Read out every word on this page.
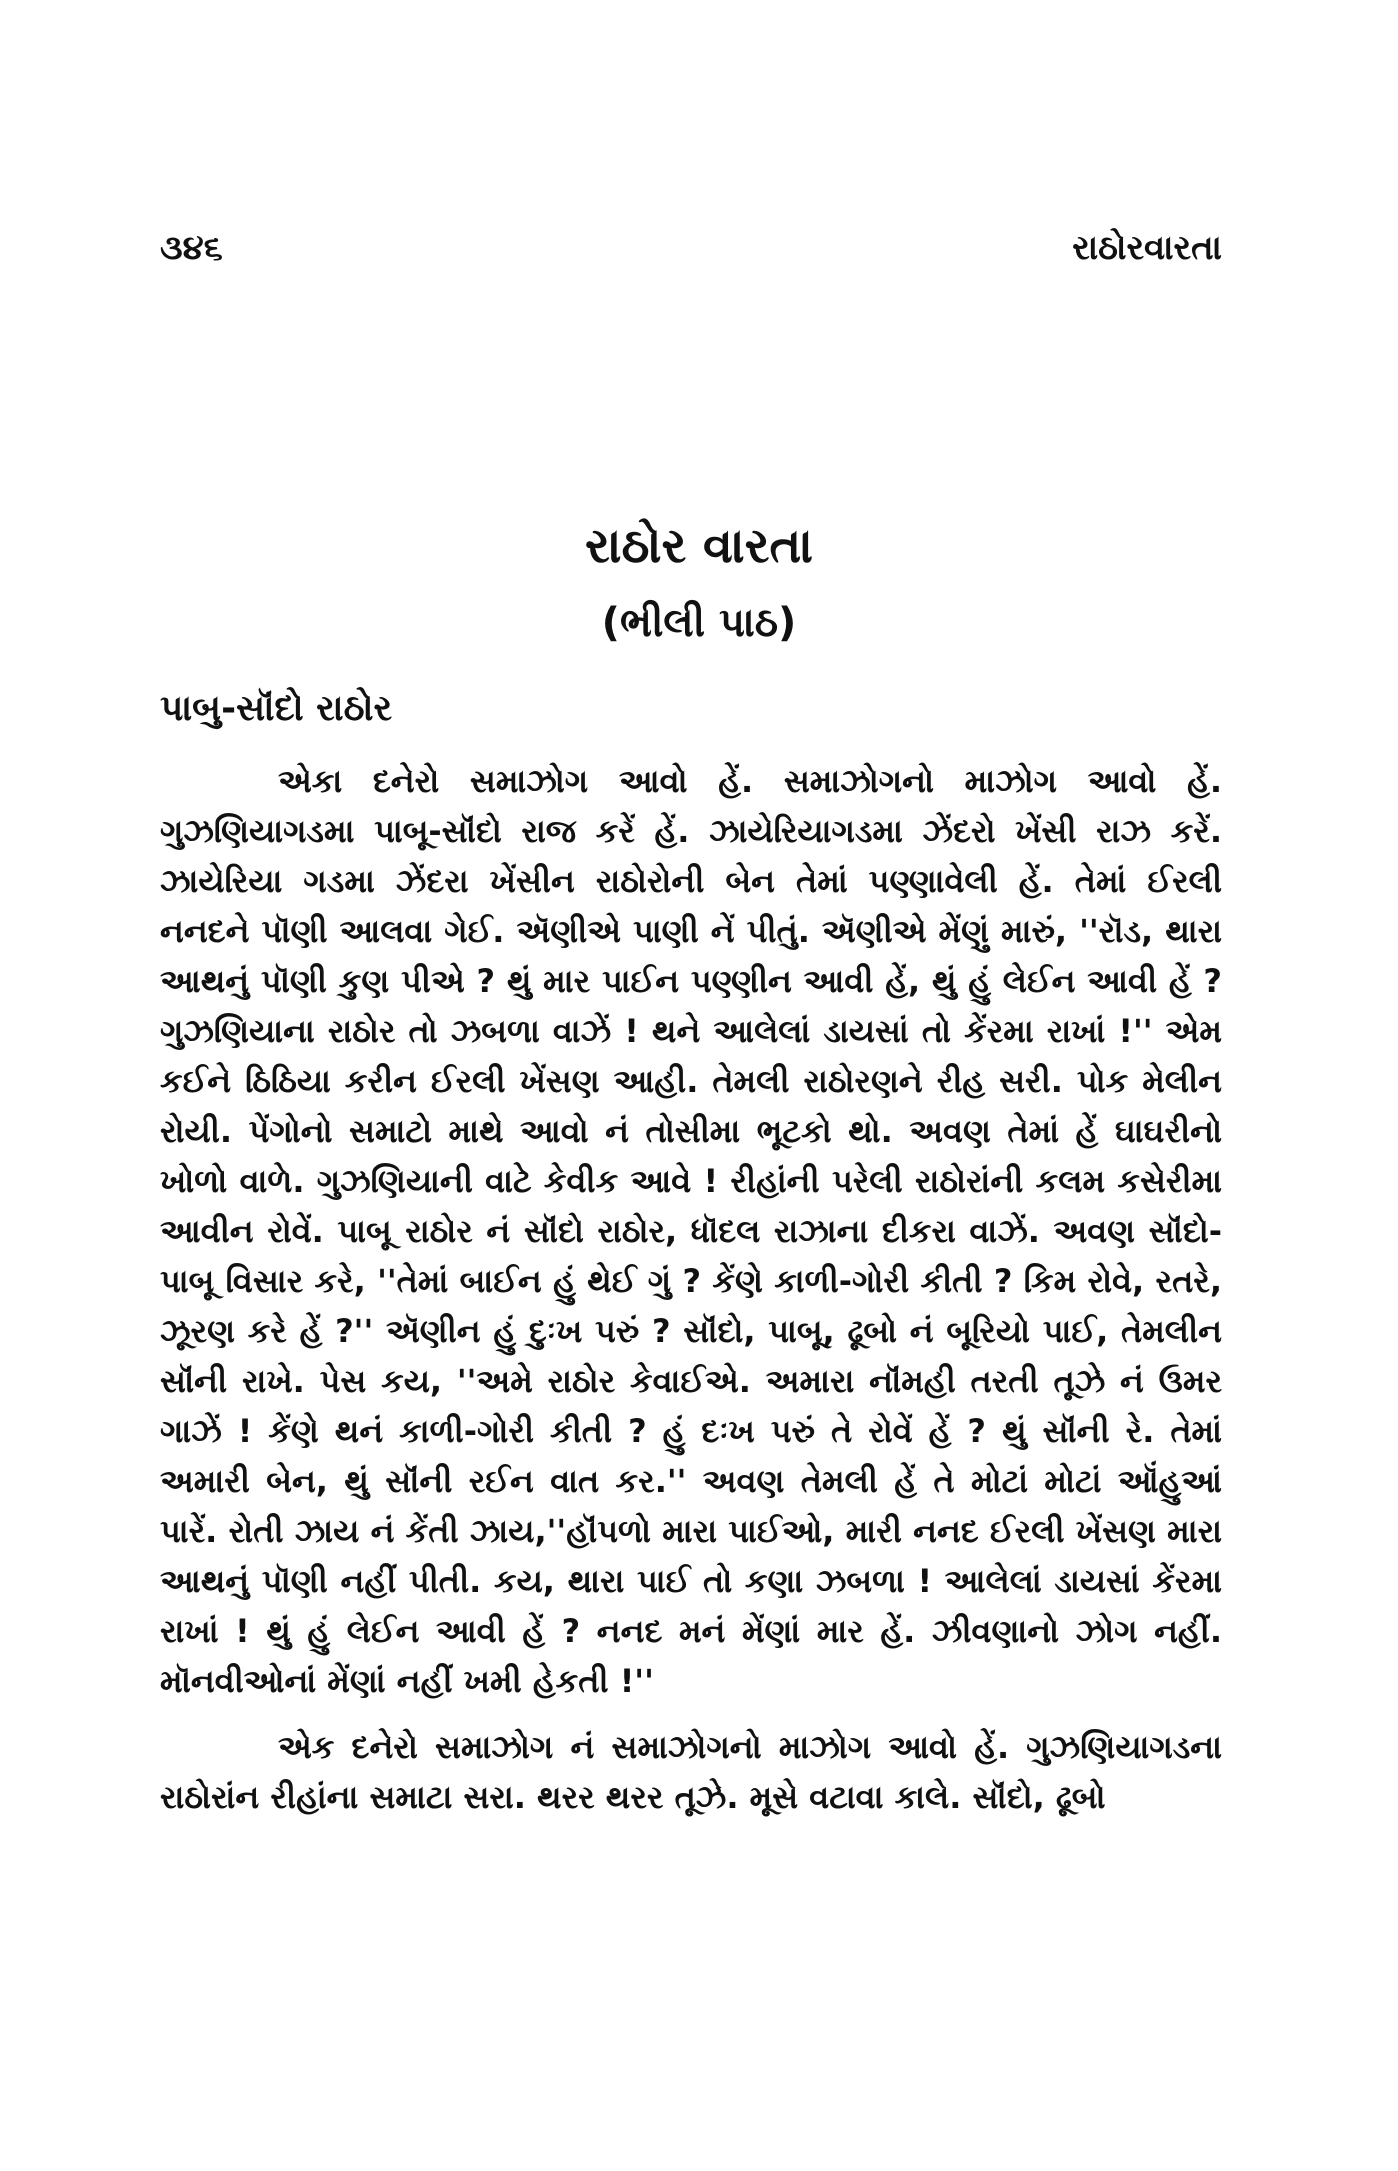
૩૪૬	રાઠોરવારતા
રાઠોર વારતા
(ભીલી પાઠ)
પાબુ-સૉંદો રાઠોર

એકા દનેરો સમાઝોગ આવો હેં. સમાઝોગનો માઝોગ આવો હેં. ગુઝણિયાગડમા પાબૂ-સૉંદો રાજ કરેં હેં. ઝાયેરિયાગડમા ઝેંદરો ખેંસી રાઝ કરેં. ઝાયેરિયા ગડમા ઝેંદરા ખેંસીન રાઠોરોની બેન તેમાં પણ્ણાવેલી હેં. તેમાં ઈરલી નનદને પૉણી આલવા ગેઈ. ઍણીએ પાણી નેં પીતું. ઍણીએ મેંણું મારું, ''રૉડ, થારા આથનું પૉણી કુણ પીએ ? થું માર પાઈન પણ્ણીન આવી હેં, થું હું લેઈન આવી હેં ? ગુઝણિયાના રાઠોર તો ઝબળા વાઝેં ! થને આલેલાં ડાયસાં તો કેંરમા રાખાં !'' એમ કઈને ઠિઠિયા કરીન ઈરલી ખેંસણ આહી. તેમલી રાઠોરણને રીહ સરી. પોક મેલીન રોયી. પેંગોનો સમાટો માથે આવો નં તોસીમા ભૂટકો થો. અવણ તેમાં હેં ઘાઘરીનો ખોળો વાળે. ગુઝણિયાની વાટે કેવીક આવે ! રીહાંની પરેલી રાઠોરાંની કલમ કસેરીમા આવીન રોવેં. પાબૂ રાઠોર નં સૉંદો રાઠોર, ધૉદલ રાઝાના દીકરા વાઝેં. અવણ સૉંદો-પાબૂ વિસાર કરે, ''તેમાં બાઈન હું થેઈ ગું ? કેંણે કાળી-ગોરી કીતી ? કિમ રોવે, રતરે, ઝૂરણ કરે હેં ?'' ઍણીન હું દુઃખ પરું ? સૉંદો, પાબૂ, ઢૂબો નં બૂરિયો પાઈ, તેમલીન સૉંની રાખે. પેસ કય, ''અમે રાઠોર કેવાઈએ. અમારા નૉંમહી તરતી તૂઝે નં ઉમર ગાઝેં ! કેંણે થનં કાળી-ગોરી કીતી ? હું દઃખ પરું તે રોવેં હેં ? થું સૉંની રે. તેમાં અમારી બેન, થું સૉંની રઈન વાત કર.'' અવણ તેમલી હેં તે મોટાં મોટાં ઑંહુઆં પારેં. રોતી ઝાય નં કેંતી ઝાય,''હૉંપળો મારા પાઈઓ, મારી નનદ ઈરલી ખેંસણ મારા આથનું પૉણી નહીં પીતી. કય, થારા પાઈ તો કણા ઝબળા ! આલેલાં ડાયસાં કેંરમા રાખાં ! થું હું લેઈન આવી હેં ? નનદ મનં મેંણાં માર હેં. ઝીવણાનો ઝોગ નહીં. મૉનવીઓનાં મેંણાં નહીં ખમી હેકતી !''

એક દનેરો સમાઝોગ નં સમાઝોગનો માઝોગ આવો હેં. ગુઝણિયાગડના રાઠોરાંન રીહાંના સમાટા સરા. થરર થરર તૂઝે. મૂસે વટાવા કાલે. સૉંદો, ઢૂબો
